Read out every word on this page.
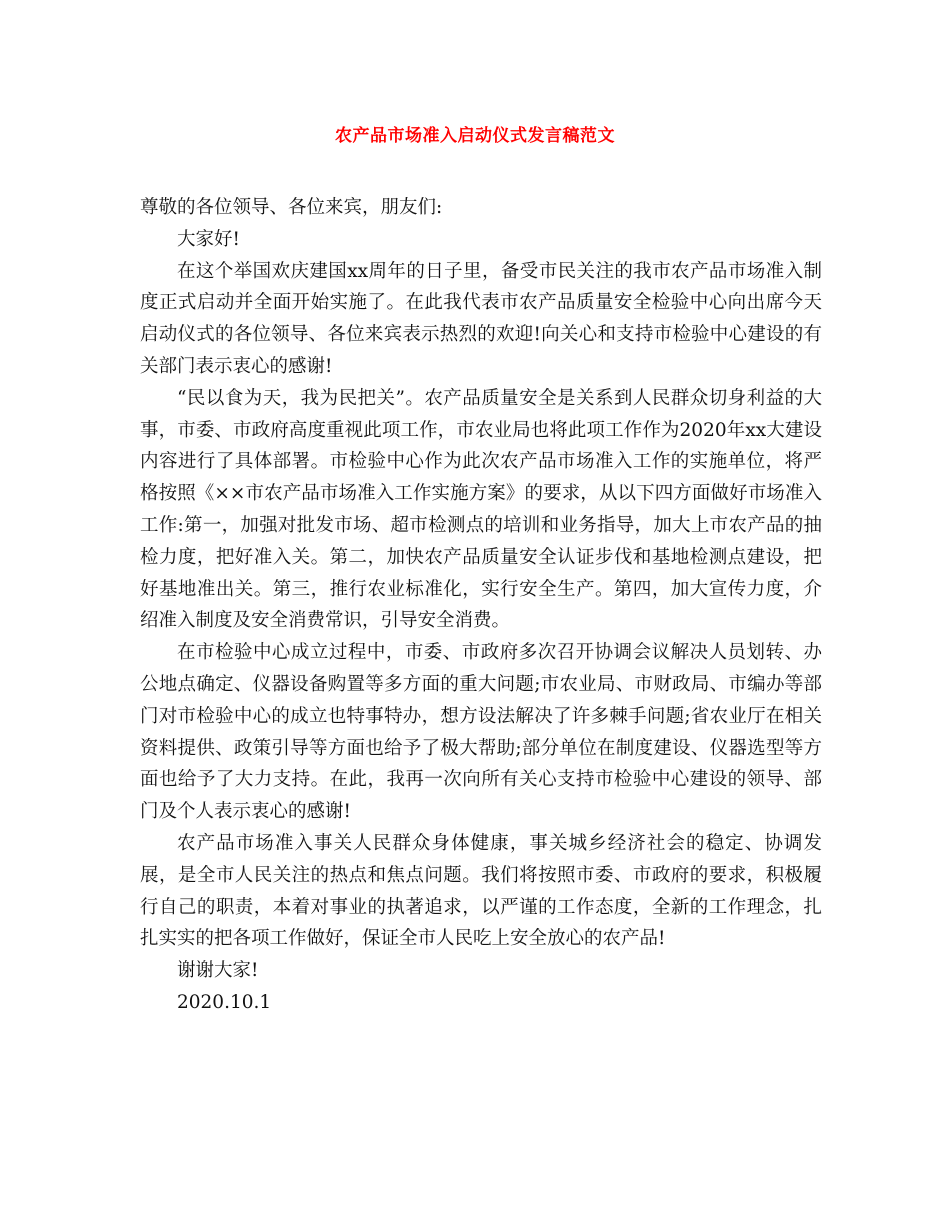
农产品市场准入启动仪式发言稿范文

尊敬的各位领导、各位来宾，朋友们:

大家好!

在这个举国欢庆建国xx周年的日子里，备受市民关注的我市农产品市场准入制度正式启动并全面开始实施了。在此我代表市农产品质量安全检验中心向出席今天启动仪式的各位领导、各位来宾表示热烈的欢迎!向关心和支持市检验中心建设的有关部门表示衷心的感谢!

“民以食为天，我为民把关”。农产品质量安全是关系到人民群众切身利益的大事，市委、市政府高度重视此项工作，市农业局也将此项工作作为2020年xx大建设内容进行了具体部署。市检验中心作为此次农产品市场准入工作的实施单位，将严格按照《××市农产品市场准入工作实施方案》的要求，从以下四方面做好市场准入工作:第一，加强对批发市场、超市检测点的培训和业务指导，加大上市农产品的抽检力度，把好准入关。第二，加快农产品质量安全认证步伐和基地检测点建设，把好基地准出关。第三，推行农业标准化，实行安全生产。第四，加大宣传力度，介绍准入制度及安全消费常识，引导安全消费。

在市检验中心成立过程中，市委、市政府多次召开协调会议解决人员划转、办公地点确定、仪器设备购置等多方面的重大问题;市农业局、市财政局、市编办等部门对市检验中心的成立也特事特办，想方设法解决了许多棘手问题;省农业厅在相关资料提供、政策引导等方面也给予了极大帮助;部分单位在制度建设、仪器选型等方面也给予了大力支持。在此，我再一次向所有关心支持市检验中心建设的领导、部门及个人表示衷心的感谢!

农产品市场准入事关人民群众身体健康，事关城乡经济社会的稳定、协调发展，是全市人民关注的热点和焦点问题。我们将按照市委、市政府的要求，积极履行自己的职责，本着对事业的执著追求，以严谨的工作态度，全新的工作理念，扎扎实实的把各项工作做好，保证全市人民吃上安全放心的农产品!

谢谢大家!

2020.10.1
